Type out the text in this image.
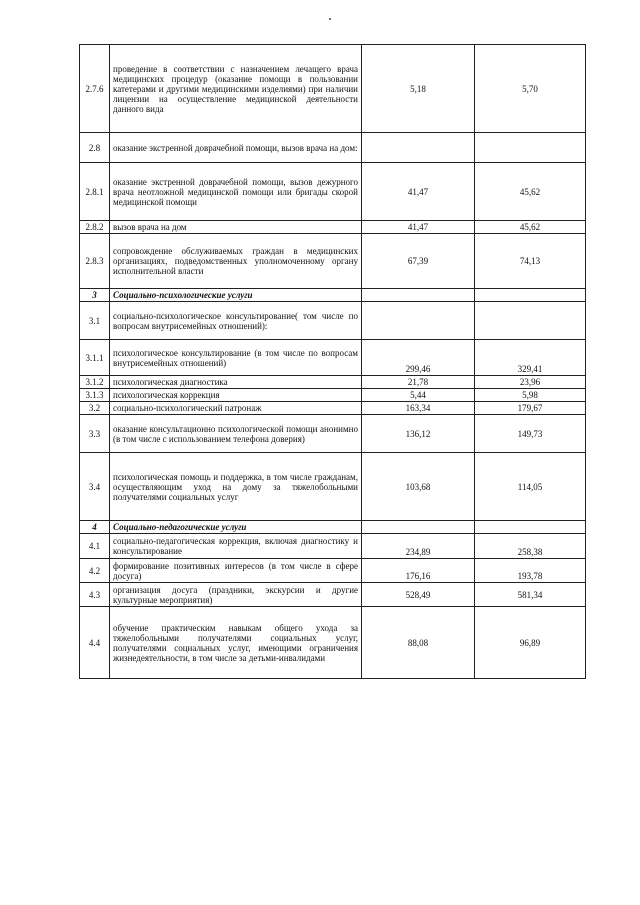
2.7.6	проведение в соответствии с назначением лечащего врача медицинских процедур (оказание помощи в пользовании катетерами и другими медицинскими изделиями) при наличии лицензии на осуществление медицинской деятельности данного вида	5,18	5,70
2.8	оказание экстренной доврачебной помощи, вызов врача на дом:		
2.8.1	оказание экстренной доврачебной помощи, вызов дежурного врача неотложной медицинской помощи или бригады скорой медицинской помощи	41,47	45,62
2.8.2	вызов врача на дом	41,47	45,62
2.8.3	сопровождение обслуживаемых граждан в медицинских организациях, подведомственных уполномоченному органу исполнительной власти	67,39	74,13
3	Социально-психологические услуги		
3.1	социально-психологическое консультирование( том числе по вопросам внутрисемейных отношений):		
3.1.1	психологическое консультирование (в том числе по вопросам внутрисемейных отношений)	299,46	329,41
3.1.2	психологическая диагностика	21,78	23,96
3.1.3	психологическая коррекция	5,44	5,98
3.2	социально-психологический патронаж	163,34	179,67
3.3	оказание консультационно психологической помощи анонимно (в том числе с использованием телефона доверия)	136,12	149,73
3.4	психологическая помощь и поддержка, в том числе гражданам, осуществляющим уход на дому за тяжелобольными получателями социальных услуг	103,68	114,05
4	Социально-педагогические услуги		
4.1	социально-педагогическая коррекция, включая диагностику и консультирование	234,89	258,38
4.2	формирование позитивных интересов (в том числе в сфере досуга)	176,16	193,78
4.3	организация досуга (праздники, экскурсии и другие культурные мероприятия)	528,49	581,34
4.4	обучение практическим навыкам общего ухода за тяжелобольными получателями социальных услуг, получателями социальных услуг, имеющими ограничения жизнедеятельности, в том числе за детьми-инвалидами	88,08	96,89
